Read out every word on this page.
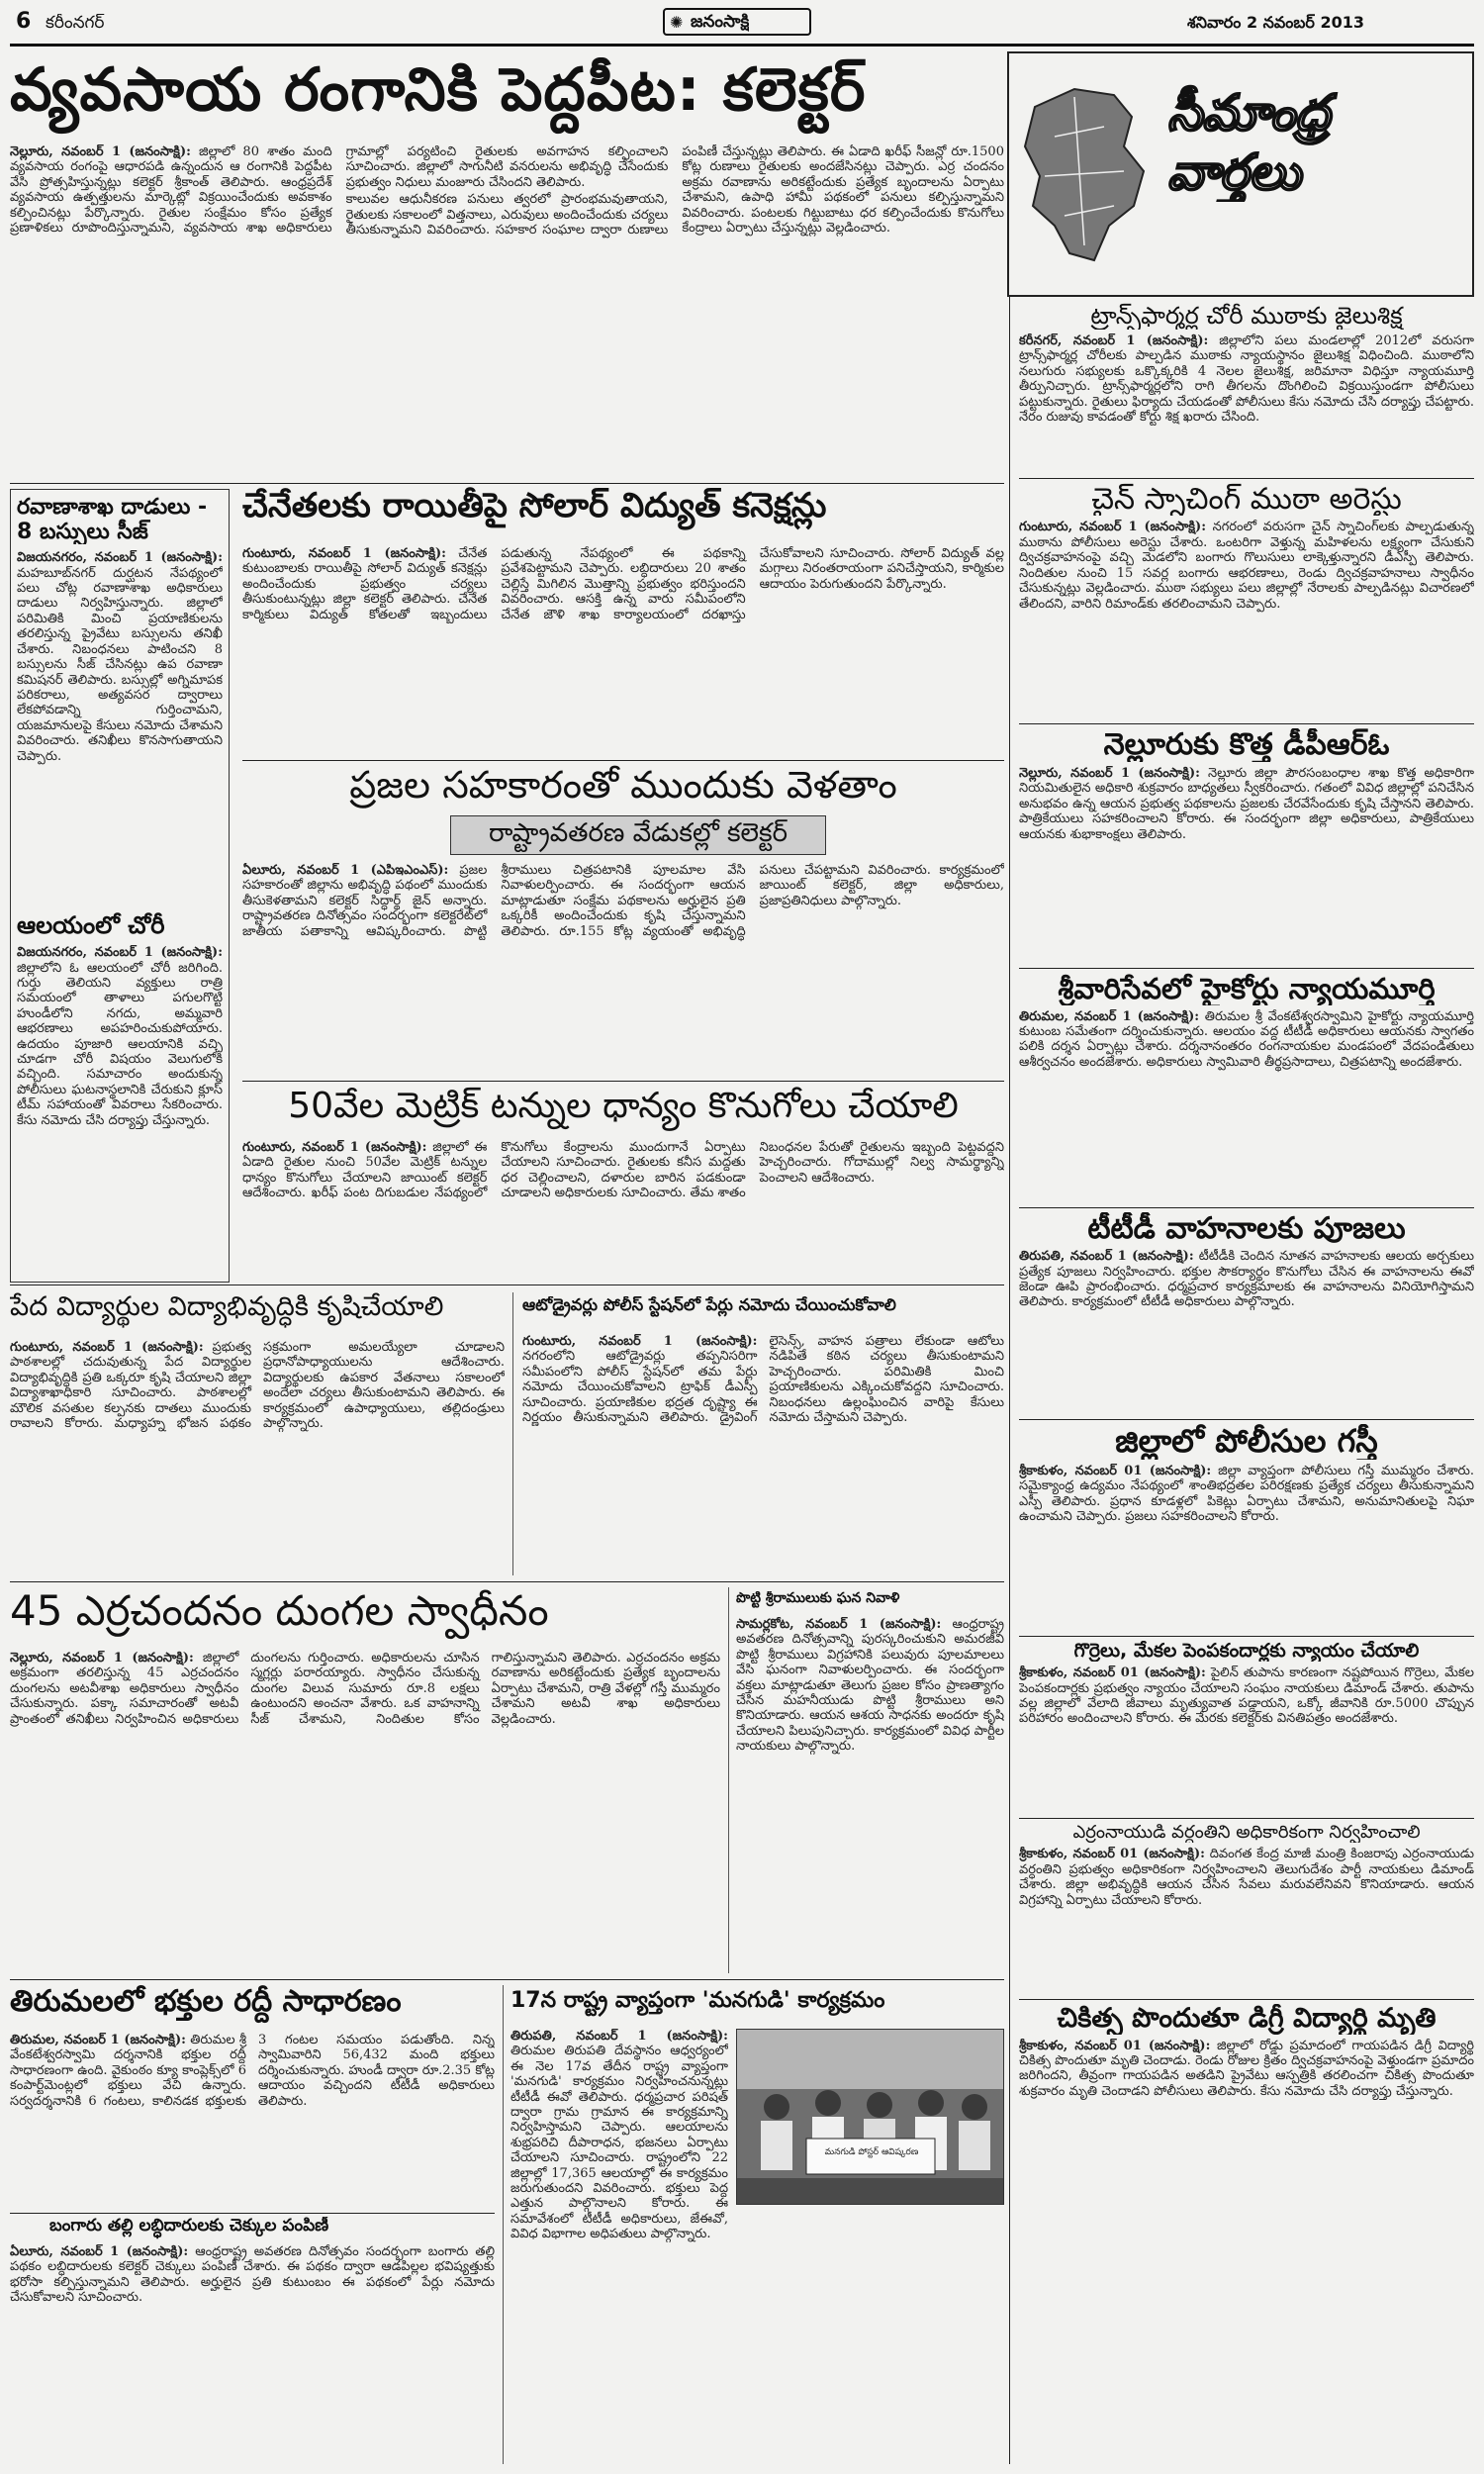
6 కరీంనగర్	✺ జనంసాక్షి	శనివారం 2 నవంబర్ 2013
వ్యవసాయ రంగానికి పెద్దపీట: కలెక్టర్	సీమాంధ్ర వార్తలు

నెల్లూరు, నవంబర్ 1 (జనంసాక్షి): జిల్లాలో 80 శాతం మంది వ్యవసాయ రంగంపై ఆధారపడి ఉన్నందున ఆ రంగానికి పెద్దపీట వేసి ప్రోత్సహిస్తున్నట్లు కలెక్టర్ శ్రీకాంత్ తెలిపారు. ఆంధ్రప్రదేశ్ వ్యవసాయ ఉత్పత్తులను మార్కెట్లో విక్రయించేందుకు అవకాశం కల్పించినట్లు పేర్కొన్నారు. రైతుల సంక్షేమం కోసం ప్రత్యేక ప్రణాళికలు రూపొందిస్తున్నామని, వ్యవసాయ శాఖ అధికారులు గ్రామాల్లో పర్యటించి రైతులకు అవగాహన కల్పించాలని సూచించారు. జిల్లాలో సాగునీటి వనరులను అభివృద్ధి చేసేందుకు ప్రభుత్వం నిధులు మంజూరు చేసిందని తెలిపారు.

కాలువల ఆధునీకరణ పనులు త్వరలో ప్రారంభమవుతాయని, రైతులకు సకాలంలో విత్తనాలు, ఎరువులు అందించేందుకు చర్యలు తీసుకున్నామని వివరించారు. సహకార సంఘాల ద్వారా రుణాలు పంపిణీ చేస్తున్నట్లు తెలిపారు. ఈ ఏడాది ఖరీఫ్ సీజన్లో రూ.1500 కోట్ల రుణాలు రైతులకు అందజేసినట్లు చెప్పారు. ఎర్ర చందనం అక్రమ రవాణాను అరికట్టేందుకు ప్రత్యేక బృందాలను ఏర్పాటు చేశామని, ఉపాధి హామీ పథకంలో పనులు కల్పిస్తున్నామని వివరించారు. పంటలకు గిట్టుబాటు ధర కల్పించేందుకు కొనుగోలు కేంద్రాలు ఏర్పాటు చేస్తున్నట్లు వెల్లడించారు.

రవాణాశాఖ దాడులు - 8 బస్సులు సీజ్
విజయనగరం, నవంబర్ 1 (జనంసాక్షి): మహబూబ్‌నగర్ దుర్ఘటన నేపథ్యంలో పలు చోట్ల రవాణాశాఖ అధికారులు దాడులు నిర్వహిస్తున్నారు. జిల్లాలో పరిమితికి మించి ప్రయాణికులను తరలిస్తున్న ప్రైవేటు బస్సులను తనిఖీ చేశారు. నిబంధనలు పాటించని 8 బస్సులను సీజ్ చేసినట్లు ఉప రవాణా కమిషనర్ తెలిపారు. బస్సుల్లో అగ్నిమాపక పరికరాలు, అత్యవసర ద్వారాలు లేకపోవడాన్ని గుర్తించామని, యజమానులపై కేసులు నమోదు చేశామని వివరించారు. తనిఖీలు కొనసాగుతాయని చెప్పారు.
ఆలయంలో చోరీ
విజయనగరం, నవంబర్ 1 (జనంసాక్షి): జిల్లాలోని ఓ ఆలయంలో చోరీ జరిగింది. గుర్తు తెలియని వ్యక్తులు రాత్రి సమయంలో తాళాలు పగులగొట్టి హుండీలోని నగదు, అమ్మవారి ఆభరణాలు అపహరించుకుపోయారు. ఉదయం పూజారి ఆలయానికి వచ్చి చూడగా చోరీ విషయం వెలుగులోకి వచ్చింది. సమాచారం అందుకున్న పోలీసులు ఘటనాస్థలానికి చేరుకుని క్లూస్ టీమ్ సహాయంతో వివరాలు సేకరించారు. కేసు నమోదు చేసి దర్యాప్తు చేస్తున్నారు.
చేనేతలకు రాయితీపై సోలార్ విద్యుత్ కనెక్షన్లు
గుంటూరు, నవంబర్ 1 (జనంసాక్షి): చేనేత కుటుంబాలకు రాయితీపై సోలార్ విద్యుత్ కనెక్షన్లు అందించేందుకు ప్రభుత్వం చర్యలు తీసుకుంటున్నట్లు జిల్లా కలెక్టర్ తెలిపారు. చేనేత కార్మికులు విద్యుత్ కోతలతో ఇబ్బందులు పడుతున్న నేపథ్యంలో ఈ పథకాన్ని ప్రవేశపెట్టామని చెప్పారు. లబ్ధిదారులు 20 శాతం చెల్లిస్తే మిగిలిన మొత్తాన్ని ప్రభుత్వం భరిస్తుందని వివరించారు. ఆసక్తి ఉన్న వారు సమీపంలోని చేనేత జౌళి శాఖ కార్యాలయంలో దరఖాస్తు చేసుకోవాలని సూచించారు. సోలార్ విద్యుత్ వల్ల మగ్గాలు నిరంతరాయంగా పనిచేస్తాయని, కార్మికుల ఆదాయం పెరుగుతుందని పేర్కొన్నారు.
ప్రజల సహకారంతో ముందుకు వెళతాం
రాష్ట్రావతరణ వేడుకల్లో కలెక్టర్
ఏలూరు, నవంబర్ 1 (ఎపిఇఎంఎస్): ప్రజల సహకారంతో జిల్లాను అభివృద్ధి పథంలో ముందుకు తీసుకెళతామని కలెక్టర్ సిద్ధార్థ్ జైన్ అన్నారు. రాష్ట్రావతరణ దినోత్సవం సందర్భంగా కలెక్టరేట్‌లో జాతీయ పతాకాన్ని ఆవిష్కరించారు. పొట్టి శ్రీరాములు చిత్రపటానికి పూలమాల వేసి నివాళులర్పించారు. ఈ సందర్భంగా ఆయన మాట్లాడుతూ సంక్షేమ పథకాలను అర్హులైన ప్రతి ఒక్కరికీ అందించేందుకు కృషి చేస్తున్నామని తెలిపారు. రూ.155 కోట్ల వ్యయంతో అభివృద్ధి పనులు చేపట్టామని వివరించారు. కార్యక్రమంలో జాయింట్ కలెక్టర్, జిల్లా అధికారులు, ప్రజాప్రతినిధులు పాల్గొన్నారు.
50వేల మెట్రిక్ టన్నుల ధాన్యం కొనుగోలు చేయాలి
గుంటూరు, నవంబర్ 1 (జనంసాక్షి): జిల్లాలో ఈ ఏడాది రైతుల నుంచి 50వేల మెట్రిక్ టన్నుల ధాన్యం కొనుగోలు చేయాలని జాయింట్ కలెక్టర్ ఆదేశించారు. ఖరీఫ్ పంట దిగుబడుల నేపథ్యంలో కొనుగోలు కేంద్రాలను ముందుగానే ఏర్పాటు చేయాలని సూచించారు. రైతులకు కనీస మద్దతు ధర చెల్లించాలని, దళారుల బారిన పడకుండా చూడాలని అధికారులకు సూచించారు. తేమ శాతం నిబంధనల పేరుతో రైతులను ఇబ్బంది పెట్టవద్దని హెచ్చరించారు. గోదాముల్లో నిల్వ సామర్థ్యాన్ని పెంచాలని ఆదేశించారు.
పేద విద్యార్థుల విద్యాభివృద్ధికి కృషిచేయాలి
గుంటూరు, నవంబర్ 1 (జనంసాక్షి): ప్రభుత్వ పాఠశాలల్లో చదువుతున్న పేద విద్యార్థుల విద్యాభివృద్ధికి ప్రతి ఒక్కరూ కృషి చేయాలని జిల్లా విద్యాశాఖాధికారి సూచించారు. పాఠశాలల్లో మౌలిక వసతుల కల్పనకు దాతలు ముందుకు రావాలని కోరారు. మధ్యాహ్న భోజన పథకం సక్రమంగా అమలయ్యేలా చూడాలని ప్రధానోపాధ్యాయులను ఆదేశించారు. విద్యార్థులకు ఉపకార వేతనాలు సకాలంలో అందేలా చర్యలు తీసుకుంటామని తెలిపారు. ఈ కార్యక్రమంలో ఉపాధ్యాయులు, తల్లిదండ్రులు పాల్గొన్నారు.
ఆటోడ్రైవర్లు పోలీస్ స్టేషన్‌లో పేర్లు నమోదు చేయించుకోవాలి
గుంటూరు, నవంబర్ 1 (జనంసాక్షి): నగరంలోని ఆటోడ్రైవర్లు తప్పనిసరిగా సమీపంలోని పోలీస్ స్టేషన్‌లో తమ పేర్లు నమోదు చేయించుకోవాలని ట్రాఫిక్ డీఎస్పీ సూచించారు. ప్రయాణికుల భద్రత దృష్ట్యా ఈ నిర్ణయం తీసుకున్నామని తెలిపారు. డ్రైవింగ్ లైసెన్స్, వాహన పత్రాలు లేకుండా ఆటోలు నడిపితే కఠిన చర్యలు తీసుకుంటామని హెచ్చరించారు. పరిమితికి మించి ప్రయాణికులను ఎక్కించుకోవద్దని సూచించారు. నిబంధనలు ఉల్లంఘించిన వారిపై కేసులు నమోదు చేస్తామని చెప్పారు.
45 ఎర్రచందనం దుంగల స్వాధీనం
నెల్లూరు, నవంబర్ 1 (జనంసాక్షి): జిల్లాలో అక్రమంగా తరలిస్తున్న 45 ఎర్రచందనం దుంగలను అటవీశాఖ అధికారులు స్వాధీనం చేసుకున్నారు. పక్కా సమాచారంతో అటవీ ప్రాంతంలో తనిఖీలు నిర్వహించిన అధికారులు దుంగలను గుర్తించారు. అధికారులను చూసిన స్మగ్లర్లు పరారయ్యారు. స్వాధీనం చేసుకున్న దుంగల విలువ సుమారు రూ.8 లక్షలు ఉంటుందని అంచనా వేశారు. ఒక వాహనాన్ని సీజ్ చేశామని, నిందితుల కోసం గాలిస్తున్నామని తెలిపారు. ఎర్రచందనం అక్రమ రవాణాను అరికట్టేందుకు ప్రత్యేక బృందాలను ఏర్పాటు చేశామని, రాత్రి వేళల్లో గస్తీ ముమ్మరం చేశామని అటవీ శాఖ అధికారులు వెల్లడించారు.
పొట్టి శ్రీరాములుకు ఘన నివాళి
సామర్లకోట, నవంబర్ 1 (జనంసాక్షి): ఆంధ్రరాష్ట్ర అవతరణ దినోత్సవాన్ని పురస్కరించుకుని అమరజీవి పొట్టి శ్రీరాములు విగ్రహానికి పలువురు పూలమాలలు వేసి ఘనంగా నివాళులర్పించారు. ఈ సందర్భంగా వక్తలు మాట్లాడుతూ తెలుగు ప్రజల కోసం ప్రాణత్యాగం చేసిన మహనీయుడు పొట్టి శ్రీరాములు అని కొనియాడారు. ఆయన ఆశయ సాధనకు అందరూ కృషి చేయాలని పిలుపునిచ్చారు. కార్యక్రమంలో వివిధ పార్టీల నాయకులు పాల్గొన్నారు.
తిరుమలలో భక్తుల రద్దీ సాధారణం
తిరుమల, నవంబర్ 1 (జనంసాక్షి): తిరుమల శ్రీ వేంకటేశ్వరస్వామి దర్శనానికి భక్తుల రద్దీ సాధారణంగా ఉంది. వైకుంఠం క్యూ కాంప్లెక్స్‌లో 6 కంపార్ట్‌మెంట్లలో భక్తులు వేచి ఉన్నారు. సర్వదర్శనానికి 6 గంటలు, కాలినడక భక్తులకు 3 గంటల సమయం పడుతోంది. నిన్న స్వామివారిని 56,432 మంది భక్తులు దర్శించుకున్నారు. హుండీ ద్వారా రూ.2.35 కోట్ల ఆదాయం వచ్చిందని టీటీడీ అధికారులు తెలిపారు.
బంగారు తల్లి లబ్ధిదారులకు చెక్కుల పంపిణీ
ఏలూరు, నవంబర్ 1 (జనంసాక్షి): ఆంధ్రరాష్ట్ర అవతరణ దినోత్సవం సందర్భంగా బంగారు తల్లి పథకం లబ్ధిదారులకు కలెక్టర్ చెక్కులు పంపిణీ చేశారు. ఈ పథకం ద్వారా ఆడపిల్లల భవిష్యత్తుకు భరోసా కల్పిస్తున్నామని తెలిపారు. అర్హులైన ప్రతి కుటుంబం ఈ పథకంలో పేర్లు నమోదు చేసుకోవాలని సూచించారు.
17న రాష్ట్ర వ్యాప్తంగా 'మనగుడి' కార్యక్రమం
తిరుపతి, నవంబర్ 1 (జనంసాక్షి): తిరుమల తిరుపతి దేవస్థానం ఆధ్వర్యంలో ఈ నెల 17వ తేదీన రాష్ట్ర వ్యాప్తంగా 'మనగుడి' కార్యక్రమం నిర్వహించనున్నట్లు టీటీడీ ఈవో తెలిపారు. ధర్మప్రచార పరిషత్ ద్వారా గ్రామ గ్రామాన ఈ కార్యక్రమాన్ని నిర్వహిస్తామని చెప్పారు. ఆలయాలను శుభ్రపరిచి దీపారాధన, భజనలు ఏర్పాటు చేయాలని సూచించారు. రాష్ట్రంలోని 22 జిల్లాల్లో 17,365 ఆలయాల్లో ఈ కార్యక్రమం జరుగుతుందని వివరించారు. భక్తులు పెద్ద ఎత్తున పాల్గొనాలని కోరారు. ఈ సమావేశంలో టీటీడీ అధికారులు, జేఈవో, వివిధ విభాగాల అధిపతులు పాల్గొన్నారు.
మనగుడి పోస్టర్ ఆవిష్కరణ
ట్రాన్స్‌ఫార్మర్ల చోరీ ముఠాకు జైలుశిక్ష
కరీనగర్, నవంబర్ 1 (జనంసాక్షి): జిల్లాలోని పలు మండలాల్లో 2012లో వరుసగా ట్రాన్స్‌ఫార్మర్ల చోరీలకు పాల్పడిన ముఠాకు న్యాయస్థానం జైలుశిక్ష విధించింది. ముఠాలోని నలుగురు సభ్యులకు ఒక్కొక్కరికి 4 నెలల జైలుశిక్ష, జరిమానా విధిస్తూ న్యాయమూర్తి తీర్పునిచ్చారు. ట్రాన్స్‌ఫార్మర్లలోని రాగి తీగలను దొంగిలించి విక్రయిస్తుండగా పోలీసులు పట్టుకున్నారు. రైతులు ఫిర్యాదు చేయడంతో పోలీసులు కేసు నమోదు చేసి దర్యాప్తు చేపట్టారు. నేరం రుజువు కావడంతో కోర్టు శిక్ష ఖరారు చేసింది.
చైన్ స్నాచింగ్ ముఠా అరెస్టు
గుంటూరు, నవంబర్ 1 (జనంసాక్షి): నగరంలో వరుసగా చైన్ స్నాచింగ్‌లకు పాల్పడుతున్న ముఠాను పోలీసులు అరెస్టు చేశారు. ఒంటరిగా వెళ్తున్న మహిళలను లక్ష్యంగా చేసుకుని ద్విచక్రవాహనంపై వచ్చి మెడలోని బంగారు గొలుసులు లాక్కెళ్తున్నారని డీఎస్పీ తెలిపారు. నిందితుల నుంచి 15 సవర్ల బంగారు ఆభరణాలు, రెండు ద్విచక్రవాహనాలు స్వాధీనం చేసుకున్నట్లు వెల్లడించారు. ముఠా సభ్యులు పలు జిల్లాల్లో నేరాలకు పాల్పడినట్లు విచారణలో తేలిందని, వారిని రిమాండ్‌కు తరలించామని చెప్పారు.
నెల్లూరుకు కొత్త డీపీఆర్‌ఓ
నెల్లూరు, నవంబర్ 1 (జనంసాక్షి): నెల్లూరు జిల్లా పౌరసంబంధాల శాఖ కొత్త అధికారిగా నియమితులైన అధికారి శుక్రవారం బాధ్యతలు స్వీకరించారు. గతంలో వివిధ జిల్లాల్లో పనిచేసిన అనుభవం ఉన్న ఆయన ప్రభుత్వ పథకాలను ప్రజలకు చేరవేసేందుకు కృషి చేస్తానని తెలిపారు. పాత్రికేయులు సహకరించాలని కోరారు. ఈ సందర్భంగా జిల్లా అధికారులు, పాత్రికేయులు ఆయనకు శుభాకాంక్షలు తెలిపారు.
శ్రీవారిసేవలో హైకోర్టు న్యాయమూర్తి
తిరుమల, నవంబర్ 1 (జనంసాక్షి): తిరుమల శ్రీ వేంకటేశ్వరస్వామిని హైకోర్టు న్యాయమూర్తి కుటుంబ సమేతంగా దర్శించుకున్నారు. ఆలయం వద్ద టీటీడీ అధికారులు ఆయనకు స్వాగతం పలికి దర్శన ఏర్పాట్లు చేశారు. దర్శనానంతరం రంగనాయకుల మండపంలో వేదపండితులు ఆశీర్వచనం అందజేశారు. అధికారులు స్వామివారి తీర్థప్రసాదాలు, చిత్రపటాన్ని అందజేశారు.
టీటీడీ వాహనాలకు పూజలు
తిరుపతి, నవంబర్ 1 (జనంసాక్షి): టీటీడీకి చెందిన నూతన వాహనాలకు ఆలయ అర్చకులు ప్రత్యేక పూజలు నిర్వహించారు. భక్తుల సౌకర్యార్థం కొనుగోలు చేసిన ఈ వాహనాలను ఈవో జెండా ఊపి ప్రారంభించారు. ధర్మప్రచార కార్యక్రమాలకు ఈ వాహనాలను వినియోగిస్తామని తెలిపారు. కార్యక్రమంలో టీటీడీ అధికారులు పాల్గొన్నారు.
జిల్లాలో పోలీసుల గస్తీ
శ్రీకాకుళం, నవంబర్ 01 (జనంసాక్షి): జిల్లా వ్యాప్తంగా పోలీసులు గస్తీ ముమ్మరం చేశారు. సమైక్యాంధ్ర ఉద్యమం నేపథ్యంలో శాంతిభద్రతల పరిరక్షణకు ప్రత్యేక చర్యలు తీసుకున్నామని ఎస్పీ తెలిపారు. ప్రధాన కూడళ్లలో పికెట్లు ఏర్పాటు చేశామని, అనుమానితులపై నిఘా ఉంచామని చెప్పారు. ప్రజలు సహకరించాలని కోరారు.
గొర్రెలు, మేకల పెంపకందార్లకు న్యాయం చేయాలి
శ్రీకాకుళం, నవంబర్ 01 (జనంసాక్షి): పైలిన్ తుపాను కారణంగా నష్టపోయిన గొర్రెలు, మేకల పెంపకందార్లకు ప్రభుత్వం న్యాయం చేయాలని సంఘం నాయకులు డిమాండ్ చేశారు. తుపాను వల్ల జిల్లాలో వేలాది జీవాలు మృత్యువాత పడ్డాయని, ఒక్కో జీవానికి రూ.5000 చొప్పున పరిహారం అందించాలని కోరారు. ఈ మేరకు కలెక్టర్‌కు వినతిపత్రం అందజేశారు.
ఎర్రంనాయుడి వర్ధంతిని అధికారికంగా నిర్వహించాలి
శ్రీకాకుళం, నవంబర్ 01 (జనంసాక్షి): దివంగత కేంద్ర మాజీ మంత్రి కింజరాపు ఎర్రంనాయుడు వర్ధంతిని ప్రభుత్వం అధికారికంగా నిర్వహించాలని తెలుగుదేశం పార్టీ నాయకులు డిమాండ్ చేశారు. జిల్లా అభివృద్ధికి ఆయన చేసిన సేవలు మరువలేనివని కొనియాడారు. ఆయన విగ్రహాన్ని ఏర్పాటు చేయాలని కోరారు.
చికిత్స పొందుతూ డిగ్రీ విద్యార్థి మృతి
శ్రీకాకుళం, నవంబర్ 01 (జనంసాక్షి): జిల్లాలో రోడ్డు ప్రమాదంలో గాయపడిన డిగ్రీ విద్యార్థి చికిత్స పొందుతూ మృతి చెందాడు. రెండు రోజుల క్రితం ద్విచక్రవాహనంపై వెళ్తుండగా ప్రమాదం జరిగిందని, తీవ్రంగా గాయపడిన అతడిని ప్రైవేటు ఆస్పత్రికి తరలించగా చికిత్స పొందుతూ శుక్రవారం మృతి చెందాడని పోలీసులు తెలిపారు. కేసు నమోదు చేసి దర్యాప్తు చేస్తున్నారు.
